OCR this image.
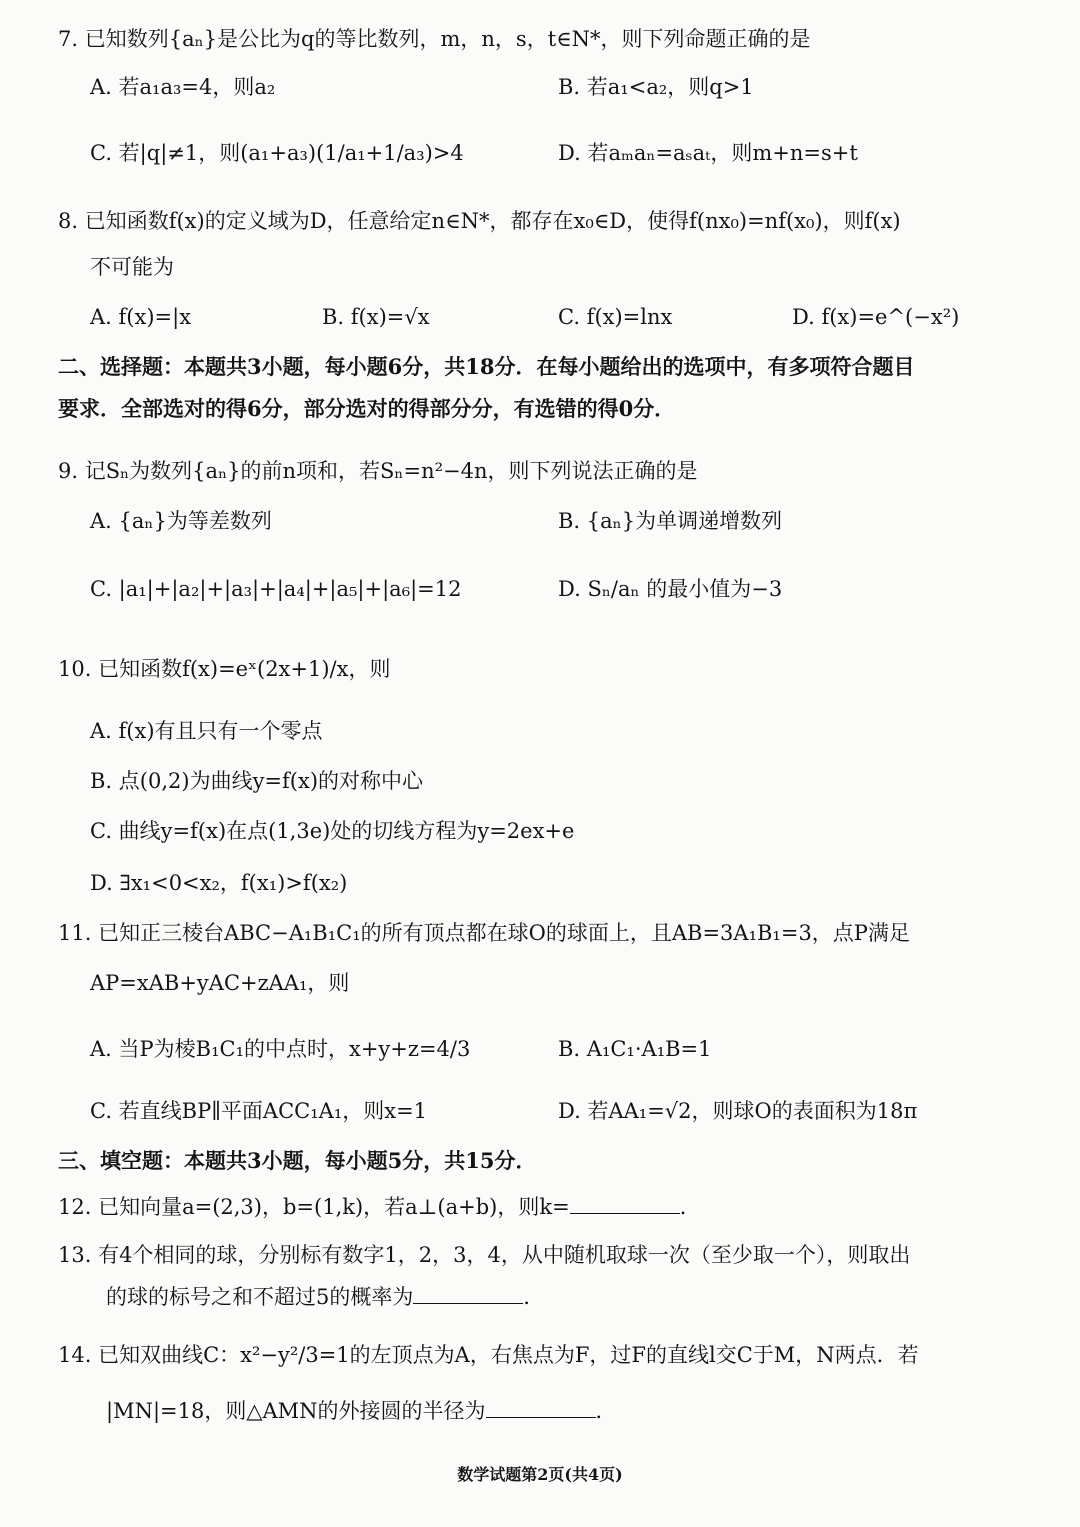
7. 已知数列{aₙ}是公比为q的等比数列，m，n，s，t∈N*，则下列命题正确的是
A. 若a₁a₃=4，则a₂	B. 若a₁<a₂，则q>1
C. 若|q|≠1，则(a₁+a₃)(1/a₁+1/a₃)>4	D. 若aₘaₙ=aₛaₜ，则m+n=s+t
8. 已知函数f(x)的定义域为D，任意给定n∈N*，都存在x₀∈D，使得f(nx₀)=nf(x₀)，则f(x)
不可能为
A. f(x)=|x	B. f(x)=√x	C. f(x)=lnx	D. f(x)=e^(−x²)
二、选择题：本题共3小题，每小题6分，共18分．在每小题给出的选项中，有多项符合题目
要求．全部选对的得6分，部分选对的得部分分，有选错的得0分．
9. 记Sₙ为数列{aₙ}的前n项和，若Sₙ=n²−4n，则下列说法正确的是
A. {aₙ}为等差数列	B. {aₙ}为单调递增数列
C. |a₁|+|a₂|+|a₃|+|a₄|+|a₅|+|a₆|=12	D. Sₙ/aₙ 的最小值为−3
10. 已知函数f(x)=eˣ(2x+1)/x，则
A. f(x)有且只有一个零点
B. 点(0,2)为曲线y=f(x)的对称中心
C. 曲线y=f(x)在点(1,3e)处的切线方程为y=2ex+e
D. ∃x₁<0<x₂，f(x₁)>f(x₂)
11. 已知正三棱台ABC−A₁B₁C₁的所有顶点都在球O的球面上，且AB=3A₁B₁=3，点P满足
AP=xAB+yAC+zAA₁，则
A. 当P为棱B₁C₁的中点时，x+y+z=4/3	B. A₁C₁·A₁B=1
C. 若直线BP∥平面ACC₁A₁，则x=1	D. 若AA₁=√2，则球O的表面积为18π
三、填空题：本题共3小题，每小题5分，共15分．
12. 已知向量a=(2,3)，b=(1,k)，若a⊥(a+b)，则k=	．
13. 有4个相同的球，分别标有数字1，2，3，4，从中随机取球一次（至少取一个），则取出
的球的标号之和不超过5的概率为	．
14. 已知双曲线C：x²−y²/3=1的左顶点为A，右焦点为F，过F的直线l交C于M，N两点．若
|MN|=18，则△AMN的外接圆的半径为	．
数学试题第2页(共4页)
